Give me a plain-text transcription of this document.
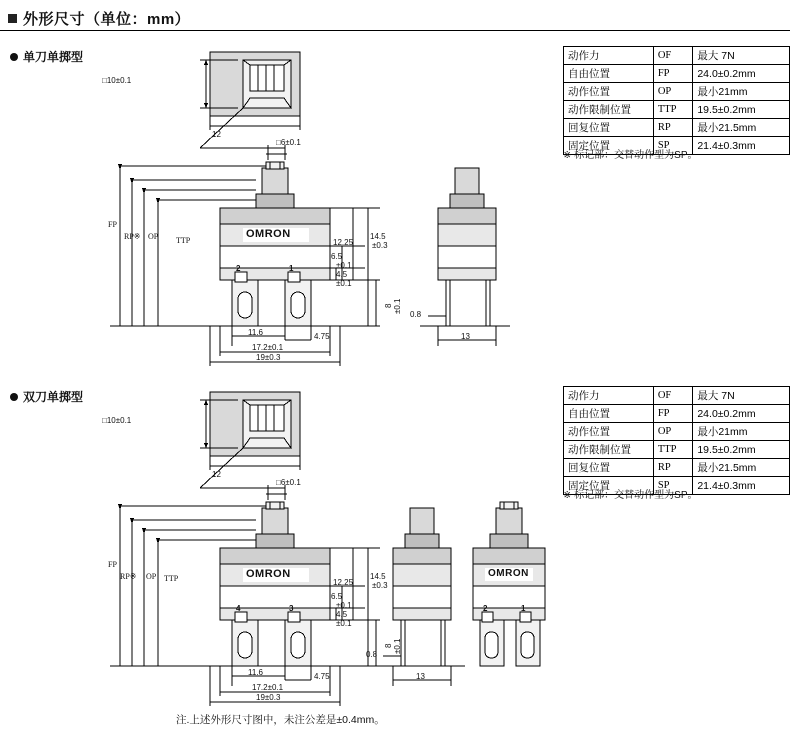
外形尺寸（单位：mm）
单刀单掷型	动作力	OF	最大 7N
自由位置	FP	24.0±0.2mm
动作位置	OP	最小21mm
动作限制位置	TTP	19.5±0.2mm
回复位置	RP	最小21.5mm
固定位置	SP	21.4±0.3mm
※ 标记部：交替动作型为SP。
□10±0.1
12
□6±0.1
FP
RP※ OP TTP
OMRON
2	1
12.25
14.5
±0.3
6.5
±0.1
4.5
±0.1
8 ±0.1
11.6	4.75
17.2±0.1
19±0.3
0.8
13
双刀单掷型	动作力	OF	最大 7N
自由位置	FP	24.0±0.2mm
动作位置	OP	最小21mm
动作限制位置	TTP	19.5±0.2mm
回复位置	RP	最小21.5mm
固定位置	SP	21.4±0.3mm
※ 标记部：交替动作型为SP。
□10±0.1
12
□6±0.1
FP
RP※ OP TTP	OMRON
4	3
12.25
14.5
±0.3
6.5
±0.1
4.5
±0.1
8 ±0.1
11.6	4.75
17.2±0.1
19±0.3
0.8
13
OMRON
2	1
注.上述外形尺寸图中，未注公差是±0.4mm。
